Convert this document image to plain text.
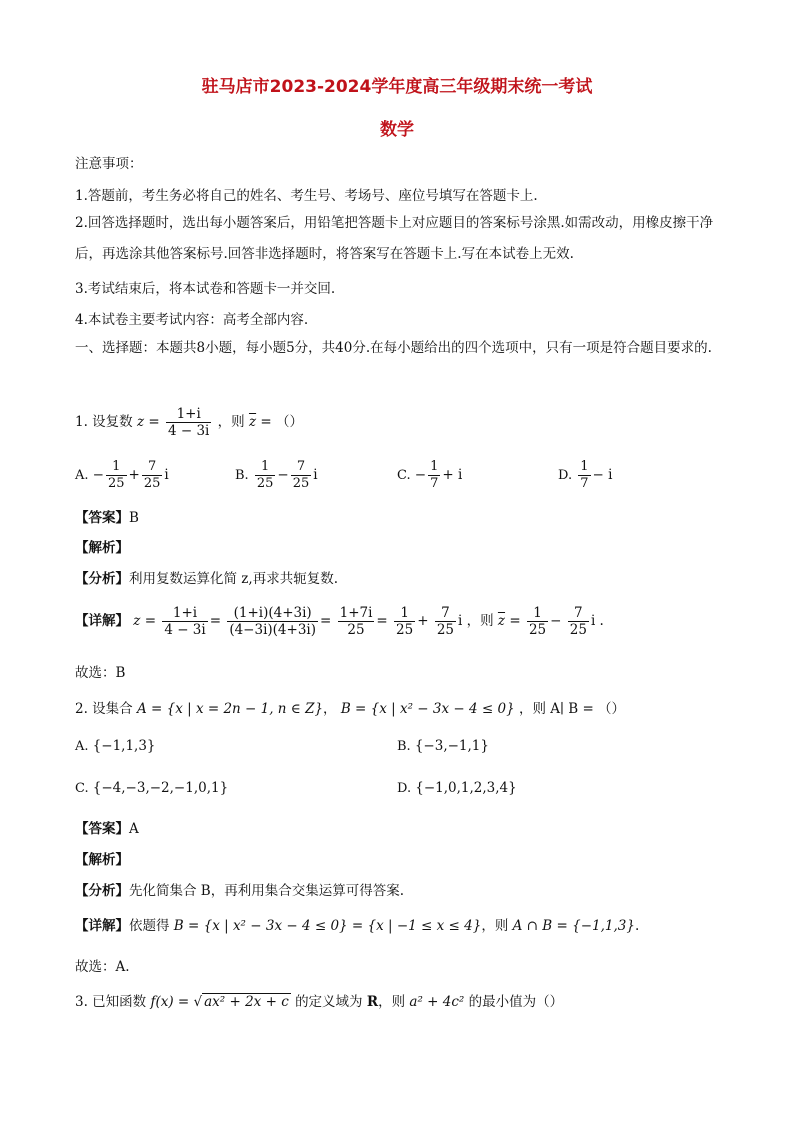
驻马店市2023-2024学年度高三年级期末统一考试
数学
注意事项：
1.答题前，考生务必将自己的姓名、考生号、考场号、座位号填写在答题卡上.
2.回答选择题时，选出每小题答案后，用铅笔把答题卡上对应题目的答案标号涂黑.如需改动，用橡皮擦干净后，再选涂其他答案标号.回答非选择题时，将答案写在答题卡上.写在本试卷上无效.
3.考试结束后，将本试卷和答题卡一并交回.
4.本试卷主要考试内容：高考全部内容.
一、选择题：本题共8小题，每小题5分，共40分.在每小题给出的四个选项中，只有一项是符合题目要求的.
1. 设复数 $z = \frac{1+i}{4 - 3i}$ ，则 $\overline{z}$ = （）
A. − $\frac{1}{25} + \frac{7}{25}$ i	B. $\frac{1}{25} - \frac{7}{25}$ i	C. − $\frac{1}{7} + i$	D. $\frac{1}{7} - i$
【答案】B
【解析】
【分析】利用复数运算化简 z,再求共轭复数.
【详解】 $z = \frac{1+i}{4 - 3i} = \frac{(1+i)(4+3i)}{(4-3i)(4+3i)} = \frac{1+7i}{25} = \frac{1}{25} + \frac{7}{25}$ i ，则 $\overline{z} = \frac{1}{25} - \frac{7}{25}$ i .
故选：B
2. 设集合 A = {x | x = 2n − 1, n ∈ Z}， B = {x | x² − 3x − 4 ≤ 0} ，则 A∣ B = （）
A. {−1,1,3}	B. {−3,−1,1}
C. {−4,−3,−2,−1,0,1}	D. {−1,0,1,2,3,4}
【答案】A
【解析】
【分析】先化简集合 B，再利用集合交集运算可得答案.
【详解】依题得 B = {x | x² − 3x − 4 ≤ 0} = {x | −1 ≤ x ≤ 4}，则 A ∩ B = {−1,1,3}.
故选：A.
3. 已知函数 f(x) = √ ax² + 2x + c 的定义域为 R，则 a² + 4c² 的最小值为（）
